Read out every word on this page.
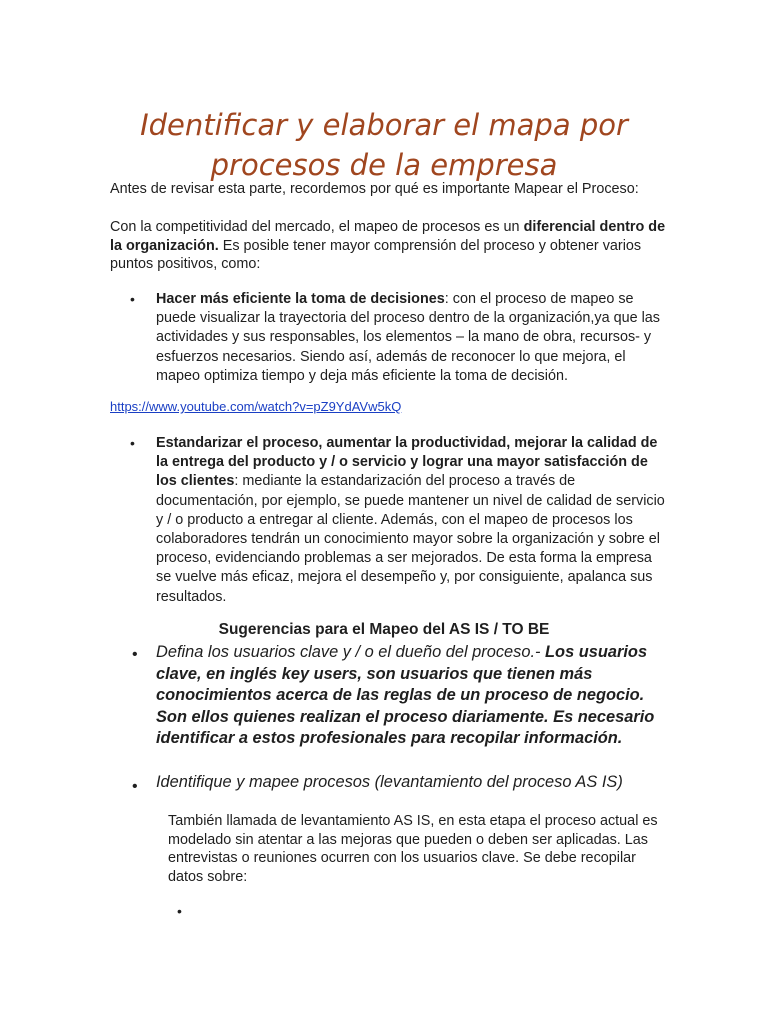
Identificar y elaborar el mapa por procesos de la empresa

Antes de revisar esta parte, recordemos por qué es importante Mapear el Proceso:

Con la competitividad del mercado, el mapeo de procesos es un diferencial dentro de la organización. Es posible tener mayor comprensión del proceso y obtener varios puntos positivos, como:

• Hacer más eficiente la toma de decisiones: con el proceso de mapeo se puede visualizar la trayectoria del proceso dentro de la organización,ya que las actividades y sus responsables, los elementos – la mano de obra, recursos- y esfuerzos necesarios. Siendo así, además de reconocer lo que mejora, el mapeo optimiza tiempo y deja más eficiente la toma de decisión.

https://www.youtube.com/watch?v=pZ9YdAVw5kQ
• Estandarizar el proceso, aumentar la productividad, mejorar la calidad de la entrega del producto y / o servicio y lograr una mayor satisfacción de los clientes: mediante la estandarización del proceso a través de documentación, por ejemplo, se puede mantener un nivel de calidad de servicio y / o producto a entregar al cliente. Además, con el mapeo de procesos los colaboradores tendrán un conocimiento mayor sobre la organización y sobre el proceso, evidenciando problemas a ser mejorados. De esta forma la empresa se vuelve más eficaz, mejora el desempeño y, por consiguiente, apalanca sus resultados.

Sugerencias para el Mapeo del AS IS / TO BE
• Defina los usuarios clave y / o el dueño del proceso.- Los usuarios clave, en inglés key users, son usuarios que tienen más conocimientos acerca de las reglas de un proceso de negocio. Son ellos quienes realizan el proceso diariamente. Es necesario identificar a estos profesionales para recopilar información.

• Identifique y mapee procesos (levantamiento del proceso AS IS)

También llamada de levantamiento AS IS, en esta etapa el proceso actual es modelado sin atentar a las mejoras que pueden o deben ser aplicadas. Las entrevistas o reuniones ocurren con los usuarios clave. Se debe recopilar datos sobre:

•
